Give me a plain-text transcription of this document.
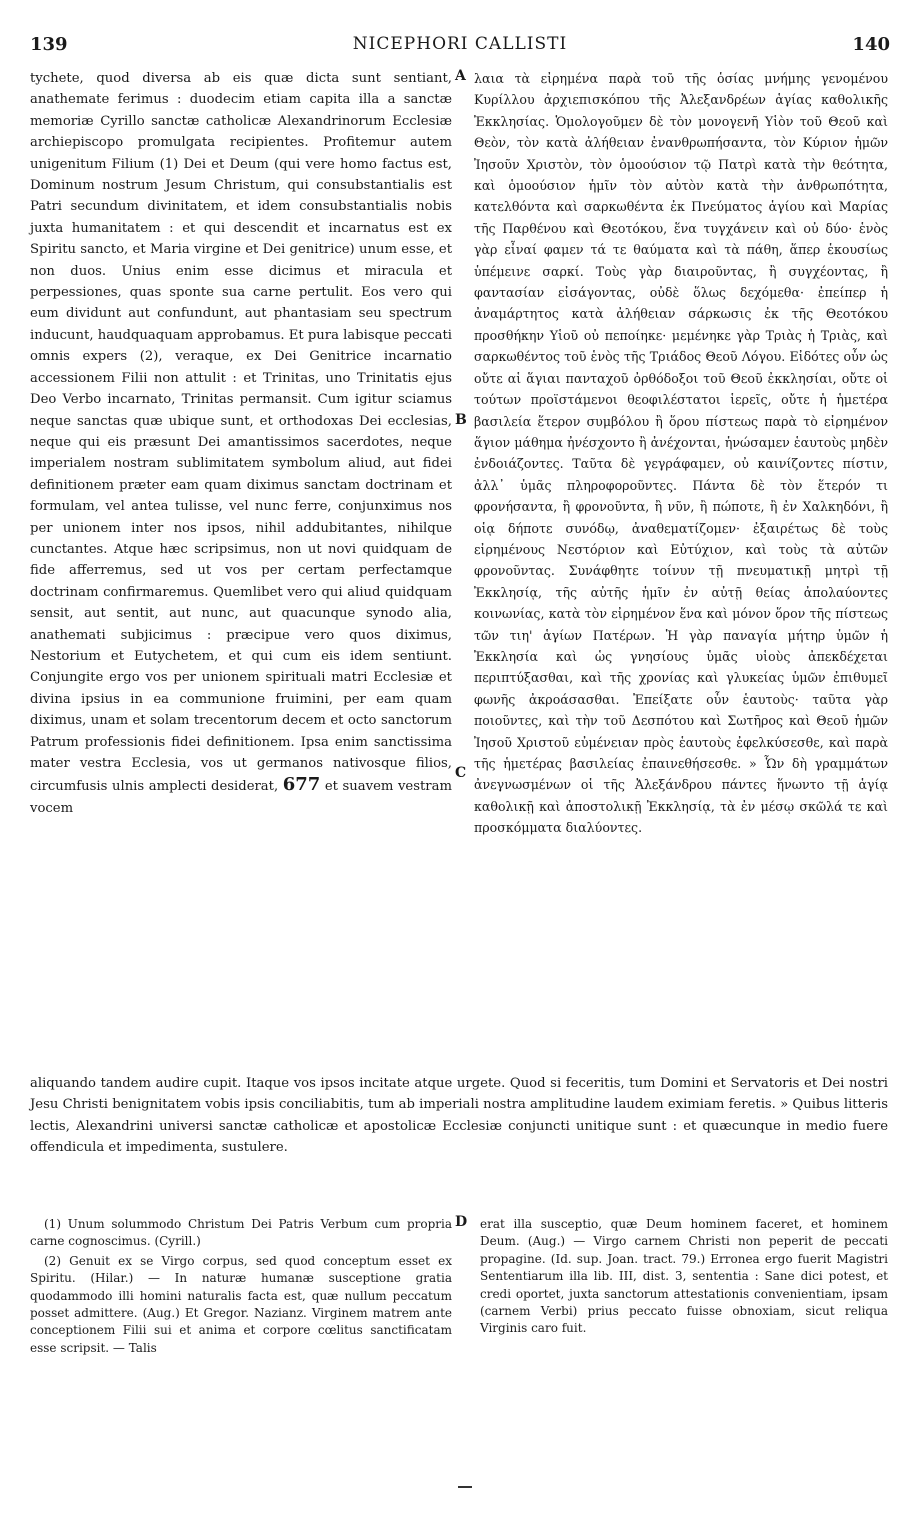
139	NICEPHORI CALLISTI	140

tychete, quod diversa ab eis quæ dicta sunt sentiant, anathemate ferimus : duodecim etiam capita illa a sanctæ memoriæ Cyrillo sanctæ catholicæ Alexandrinorum Ecclesiæ archiepiscopo promulgata recipientes. Profitemur autem unigenitum Filium (1) Dei et Deum (qui vere homo factus est, Dominum nostrum Jesum Christum, qui consubstantialis est Patri secundum divinitatem, et idem consubstantialis nobis juxta humanitatem : et qui descendit et incarnatus est ex Spiritu sancto, et Maria virgine et Dei genitrice) unum esse, et non duos. Unius enim esse dicimus et miracula et perpessiones, quas sponte sua carne pertulit. Eos vero qui eum dividunt aut confundunt, aut phantasiam seu spectrum inducunt, haudquaquam approbamus. Et pura labisque peccati omnis expers (2), veraque, ex Dei Genitrice incarnatio accessionem Filii non attulit : et Trinitas, uno Trinitatis ejus Deo Verbo incarnato, Trinitas permansit. Cum igitur sciamus neque sanctas quæ ubique sunt, et orthodoxas Dei ecclesias, neque qui eis præsunt Dei amantissimos sacerdotes, neque imperialem nostram sublimitatem symbolum aliud, aut fidei definitionem præter eam quam diximus sanctam doctrinam et formulam, vel antea tulisse, vel nunc ferre, conjunximus nos per unionem inter nos ipsos, nihil addubitantes, nihilque cunctantes. Atque hæc scripsimus, non ut novi quidquam de fide afferremus, sed ut vos per certam perfectamque doctrinam confirmaremus. Quemlibet vero qui aliud quidquam sensit, aut sentit, aut nunc, aut quacunque synodo alia, anathemati subjicimus : præcipue vero quos diximus, Nestorium et Eutychetem, et qui cum eis idem sentiunt. Conjungite ergo vos per unionem spirituali matri Ecclesiæ et divina ipsius in ea communione fruimini, per eam quam diximus, unam et solam trecentorum decem et octo sanctorum Patrum professionis fidei definitionem. Ipsa enim sanctissima mater vestra Ecclesia, vos ut germanos nativosque filios, circumfusis ulnis amplecti desiderat, 677 et suavem vestram vocem

A
B
C

λαια τὰ εἰρημένα παρὰ τοῦ τῆς ὁσίας μνήμης γενομένου Κυρίλλου ἀρχιεπισκόπου τῆς Ἀλεξανδρέων ἁγίας καθολικῆς Ἐκκλησίας. Ὁμολογοῦμεν δὲ τὸν μονογενῆ Υἱὸν τοῦ Θεοῦ καὶ Θεὸν, τὸν κατὰ ἀλήθειαν ἐνανθρωπήσαντα, τὸν Κύριον ἡμῶν Ἰησοῦν Χριστὸν, τὸν ὁμοούσιον τῷ Πατρὶ κατὰ τὴν θεότητα, καὶ ὁμοούσιον ἡμῖν τὸν αὐτὸν κατὰ τὴν ἀνθρωπότητα, κατελθόντα καὶ σαρκωθέντα ἐκ Πνεύματος ἁγίου καὶ Μαρίας τῆς Παρθένου καὶ Θεοτόκου, ἕνα τυγχάνειν καὶ οὐ δύο· ἑνὸς γὰρ εἶναί φαμεν τά τε θαύματα καὶ τὰ πάθη, ἅπερ ἑκουσίως ὑπέμεινε σαρκί. Τοὺς γὰρ διαιροῦντας, ἢ συγχέοντας, ἢ φαντασίαν εἰσάγοντας, οὐδὲ ὅλως δεχόμεθα· ἐπείπερ ἡ ἀναμάρτητος κατὰ ἀλήθειαν σάρκωσις ἐκ τῆς Θεοτόκου προσθήκην Υἱοῦ οὐ πεποίηκε· μεμένηκε γὰρ Τριὰς ἡ Τριὰς, καὶ σαρκωθέντος τοῦ ἑνὸς τῆς Τριάδος Θεοῦ Λόγου. Εἰδότες οὖν ὡς οὔτε αἱ ἅγιαι πανταχοῦ ὀρθόδοξοι τοῦ Θεοῦ ἐκκλησίαι, οὔτε οἱ τούτων προϊστάμενοι θεοφιλέστατοι ἱερεῖς, οὔτε ἡ ἡμετέρα βασιλεία ἕτερον συμβόλου ἢ ὅρου πίστεως παρὰ τὸ εἰρημένον ἅγιον μάθημα ἠνέσχοντο ἢ ἀνέχονται, ἡνώσαμεν ἑαυτοὺς μηδὲν ἐνδοιάζοντες. Ταῦτα δὲ γεγράφαμεν, οὐ καινίζοντες πίστιν, ἀλλ᾽ ὑμᾶς πληροφοροῦντες. Πάντα δὲ τὸν ἕτερόν τι φρονήσαντα, ἢ φρονοῦντα, ἢ νῦν, ἢ πώποτε, ἢ ἐν Χαλκηδόνι, ἢ οἱᾳ δήποτε συνόδῳ, ἀναθεματίζομεν· ἐξαιρέτως δὲ τοὺς εἰρημένους Νεστόριον καὶ Εὐτύχιον, καὶ τοὺς τὰ αὐτῶν φρονοῦντας. Συνάφθητε τοίνυν τῇ πνευματικῇ μητρὶ τῇ Ἐκκλησίᾳ, τῆς αὐτῆς ἡμῖν ἐν αὐτῇ θείας ἀπολαύοντες κοινωνίας, κατὰ τὸν εἰρημένον ἕνα καὶ μόνον ὅρον τῆς πίστεως τῶν τιη' ἁγίων Πατέρων. Ἡ γὰρ παναγία μήτηρ ὑμῶν ἡ Ἐκκλησία καὶ ὡς γνησίους ὑμᾶς υἱοὺς ἀπεκδέχεται περιπτύξασθαι, καὶ τῆς χρονίας καὶ γλυκείας ὑμῶν ἐπιθυμεῖ φωνῆς ἀκροάσασθαι. Ἐπείξατε οὖν ἑαυτοὺς· ταῦτα γὰρ ποιοῦντες, καὶ τὴν τοῦ Δεσπότου καὶ Σωτῆρος καὶ Θεοῦ ἡμῶν Ἰησοῦ Χριστοῦ εὐμένειαν πρὸς ἑαυτοὺς ἐφελκύσεσθε, καὶ παρὰ τῆς ἡμετέρας βασιλείας ἐπαινεθήσεσθε. » Ὧν δὴ γραμμάτων ἀνεγνωσμένων οἱ τῆς Ἀλεξάνδρου πάντες ἥνωντο τῇ ἁγίᾳ καθολικῇ καὶ ἀποστολικῇ Ἐκκλησίᾳ, τὰ ἐν μέσῳ σκῶλά τε καὶ προσκόμματα διαλύοντες.

aliquando tandem audire cupit. Itaque vos ipsos incitate atque urgete. Quod si feceritis, tum Domini et Servatoris et Dei nostri Jesu Christi benignitatem vobis ipsis conciliabitis, tum ab imperiali nostra amplitudine laudem eximiam feretis. » Quibus litteris lectis, Alexandrini universi sanctæ catholicæ et apostolicæ Ecclesiæ conjuncti unitique sunt : et quæcunque in medio fuere offendicula et impedimenta, sustulere.

(1) Unum solummodo Christum Dei Patris Verbum cum propria carne cognoscimus. (Cyrill.)

(2) Genuit ex se Virgo corpus, sed quod conceptum esset ex Spiritu. (Hilar.) — In naturæ humanæ susceptione gratia quodammodo illi homini naturalis facta est, quæ nullum peccatum posset admittere. (Aug.) Et Gregor. Nazianz. Virginem matrem ante conceptionem Filii sui et anima et corpore cœlitus sanctificatam esse scripsit. — Talis

D erat illa susceptio, quæ Deum hominem faceret, et hominem Deum. (Aug.) — Virgo carnem Christi non peperit de peccati propagine. (Id. sup. Joan. tract. 79.) Erronea ergo fuerit Magistri Sententiarum illa lib. III, dist. 3, sententia : Sane dici potest, et credi oportet, juxta sanctorum attestationis convenientiam, ipsam (carnem Verbi) prius peccato fuisse obnoxiam, sicut reliqua Virginis caro fuit.
